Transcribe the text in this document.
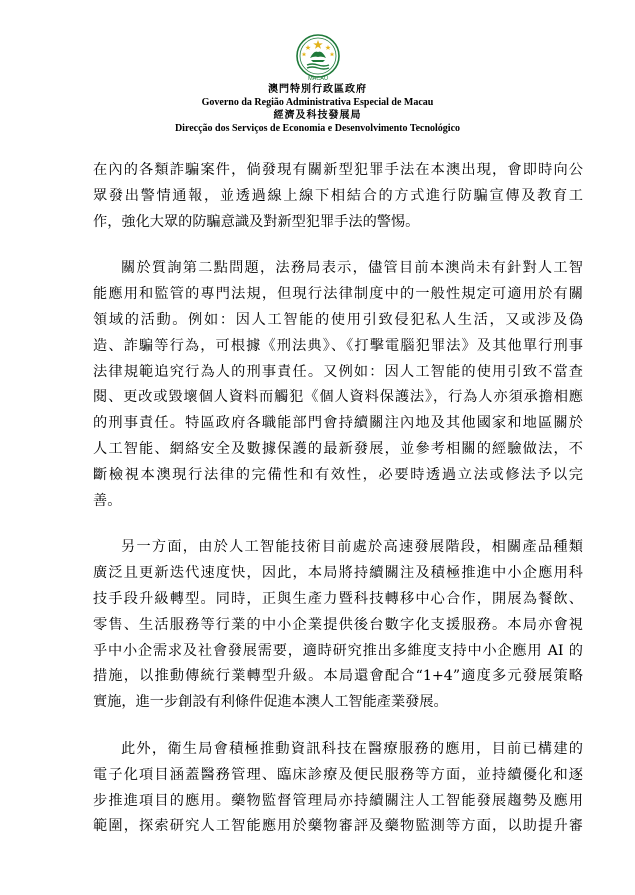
MACAU
澳門特別行政區政府
Governo da Região Administrativa Especial de Macau
經濟及科技發展局
Direcção dos Serviços de Economia e Desenvolvimento Tecnológico

在內的各類詐騙案件，倘發現有關新型犯罪手法在本澳出現，會即時向公
眾發出警情通報，並透過線上線下相結合的方式進行防騙宣傳及教育工
作，強化大眾的防騙意識及對新型犯罪手法的警惕。

關於質詢第二點問題，法務局表示，儘管目前本澳尚未有針對人工智
能應用和監管的專門法規，但現行法律制度中的一般性規定可適用於有關
領域的活動。例如：因人工智能的使用引致侵犯私人生活，又或涉及偽
造、詐騙等行為，可根據《刑法典》、《打擊電腦犯罪法》及其他單行刑事
法律規範追究行為人的刑事責任。又例如：因人工智能的使用引致不當查
閱、更改或毀壞個人資料而觸犯《個人資料保護法》，行為人亦須承擔相應
的刑事責任。特區政府各職能部門會持續關注內地及其他國家和地區關於
人工智能、網絡安全及數據保護的最新發展，並參考相關的經驗做法，不
斷檢視本澳現行法律的完備性和有效性，必要時透過立法或修法予以完
善。

另一方面，由於人工智能技術目前處於高速發展階段，相關產品種類
廣泛且更新迭代速度快，因此，本局將持續關注及積極推進中小企應用科
技手段升級轉型。同時，正與生產力暨科技轉移中心合作，開展為餐飲、
零售、生活服務等行業的中小企業提供後台數字化支援服務。本局亦會視
乎中小企需求及社會發展需要，適時研究推出多維度支持中小企應用 AI 的
措施，以推動傳統行業轉型升級。本局還會配合“1+4”適度多元發展策略
實施，進一步創設有利條件促進本澳人工智能產業發展。

此外，衛生局會積極推動資訊科技在醫療服務的應用，目前已構建的
電子化項目涵蓋醫務管理、臨床診療及便民服務等方面，並持續優化和逐
步推進項目的應用。藥物監督管理局亦持續關注人工智能發展趨勢及應用
範圍，探索研究人工智能應用於藥物審評及藥物監測等方面，以助提升審
